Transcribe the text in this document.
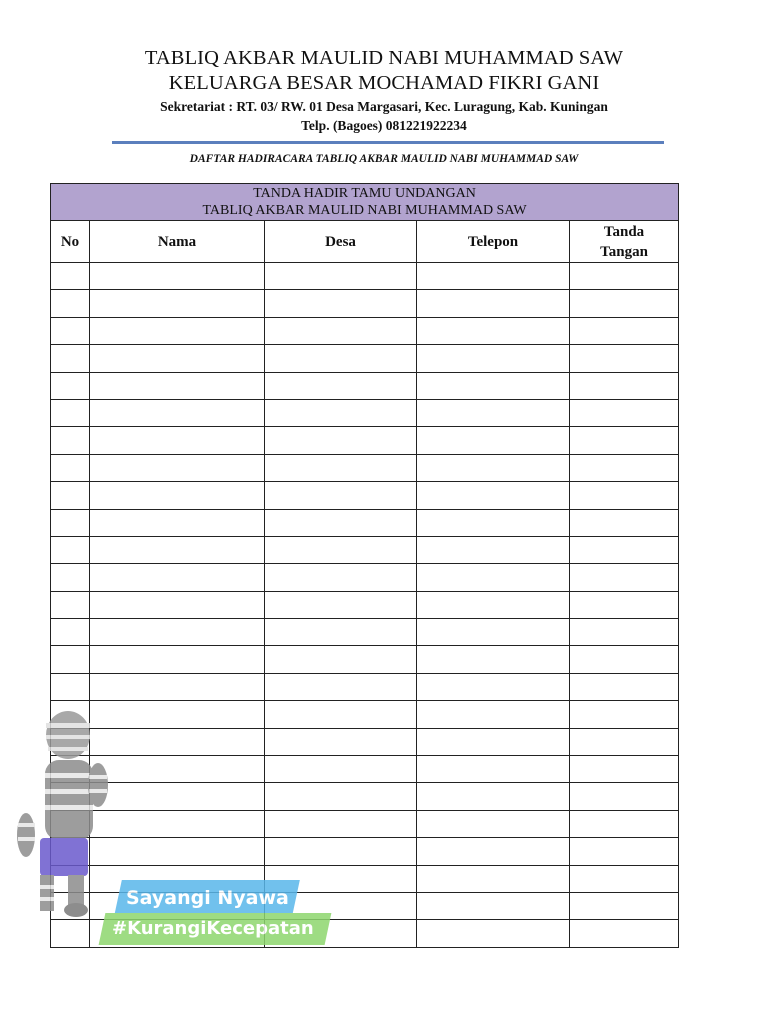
TABLIQ AKBAR MAULID NABI MUHAMMAD SAW
KELUARGA BESAR MOCHAMAD FIKRI GANI
Sekretariat : RT. 03/ RW. 01 Desa Margasari, Kec. Luragung, Kab. Kuningan
Telp. (Bagoes) 081221922234
DAFTAR HADIRACARA TABLIQ AKBAR MAULID NABI MUHAMMAD SAW
TANDA HADIR TAMU UNDANGAN
TABLIQ AKBAR MAULID NABI MUHAMMAD SAW				

No	Nama	Desa	Telepon	Tanda
Tangan

Sayangi Nyawa
#KurangiKecepatan
